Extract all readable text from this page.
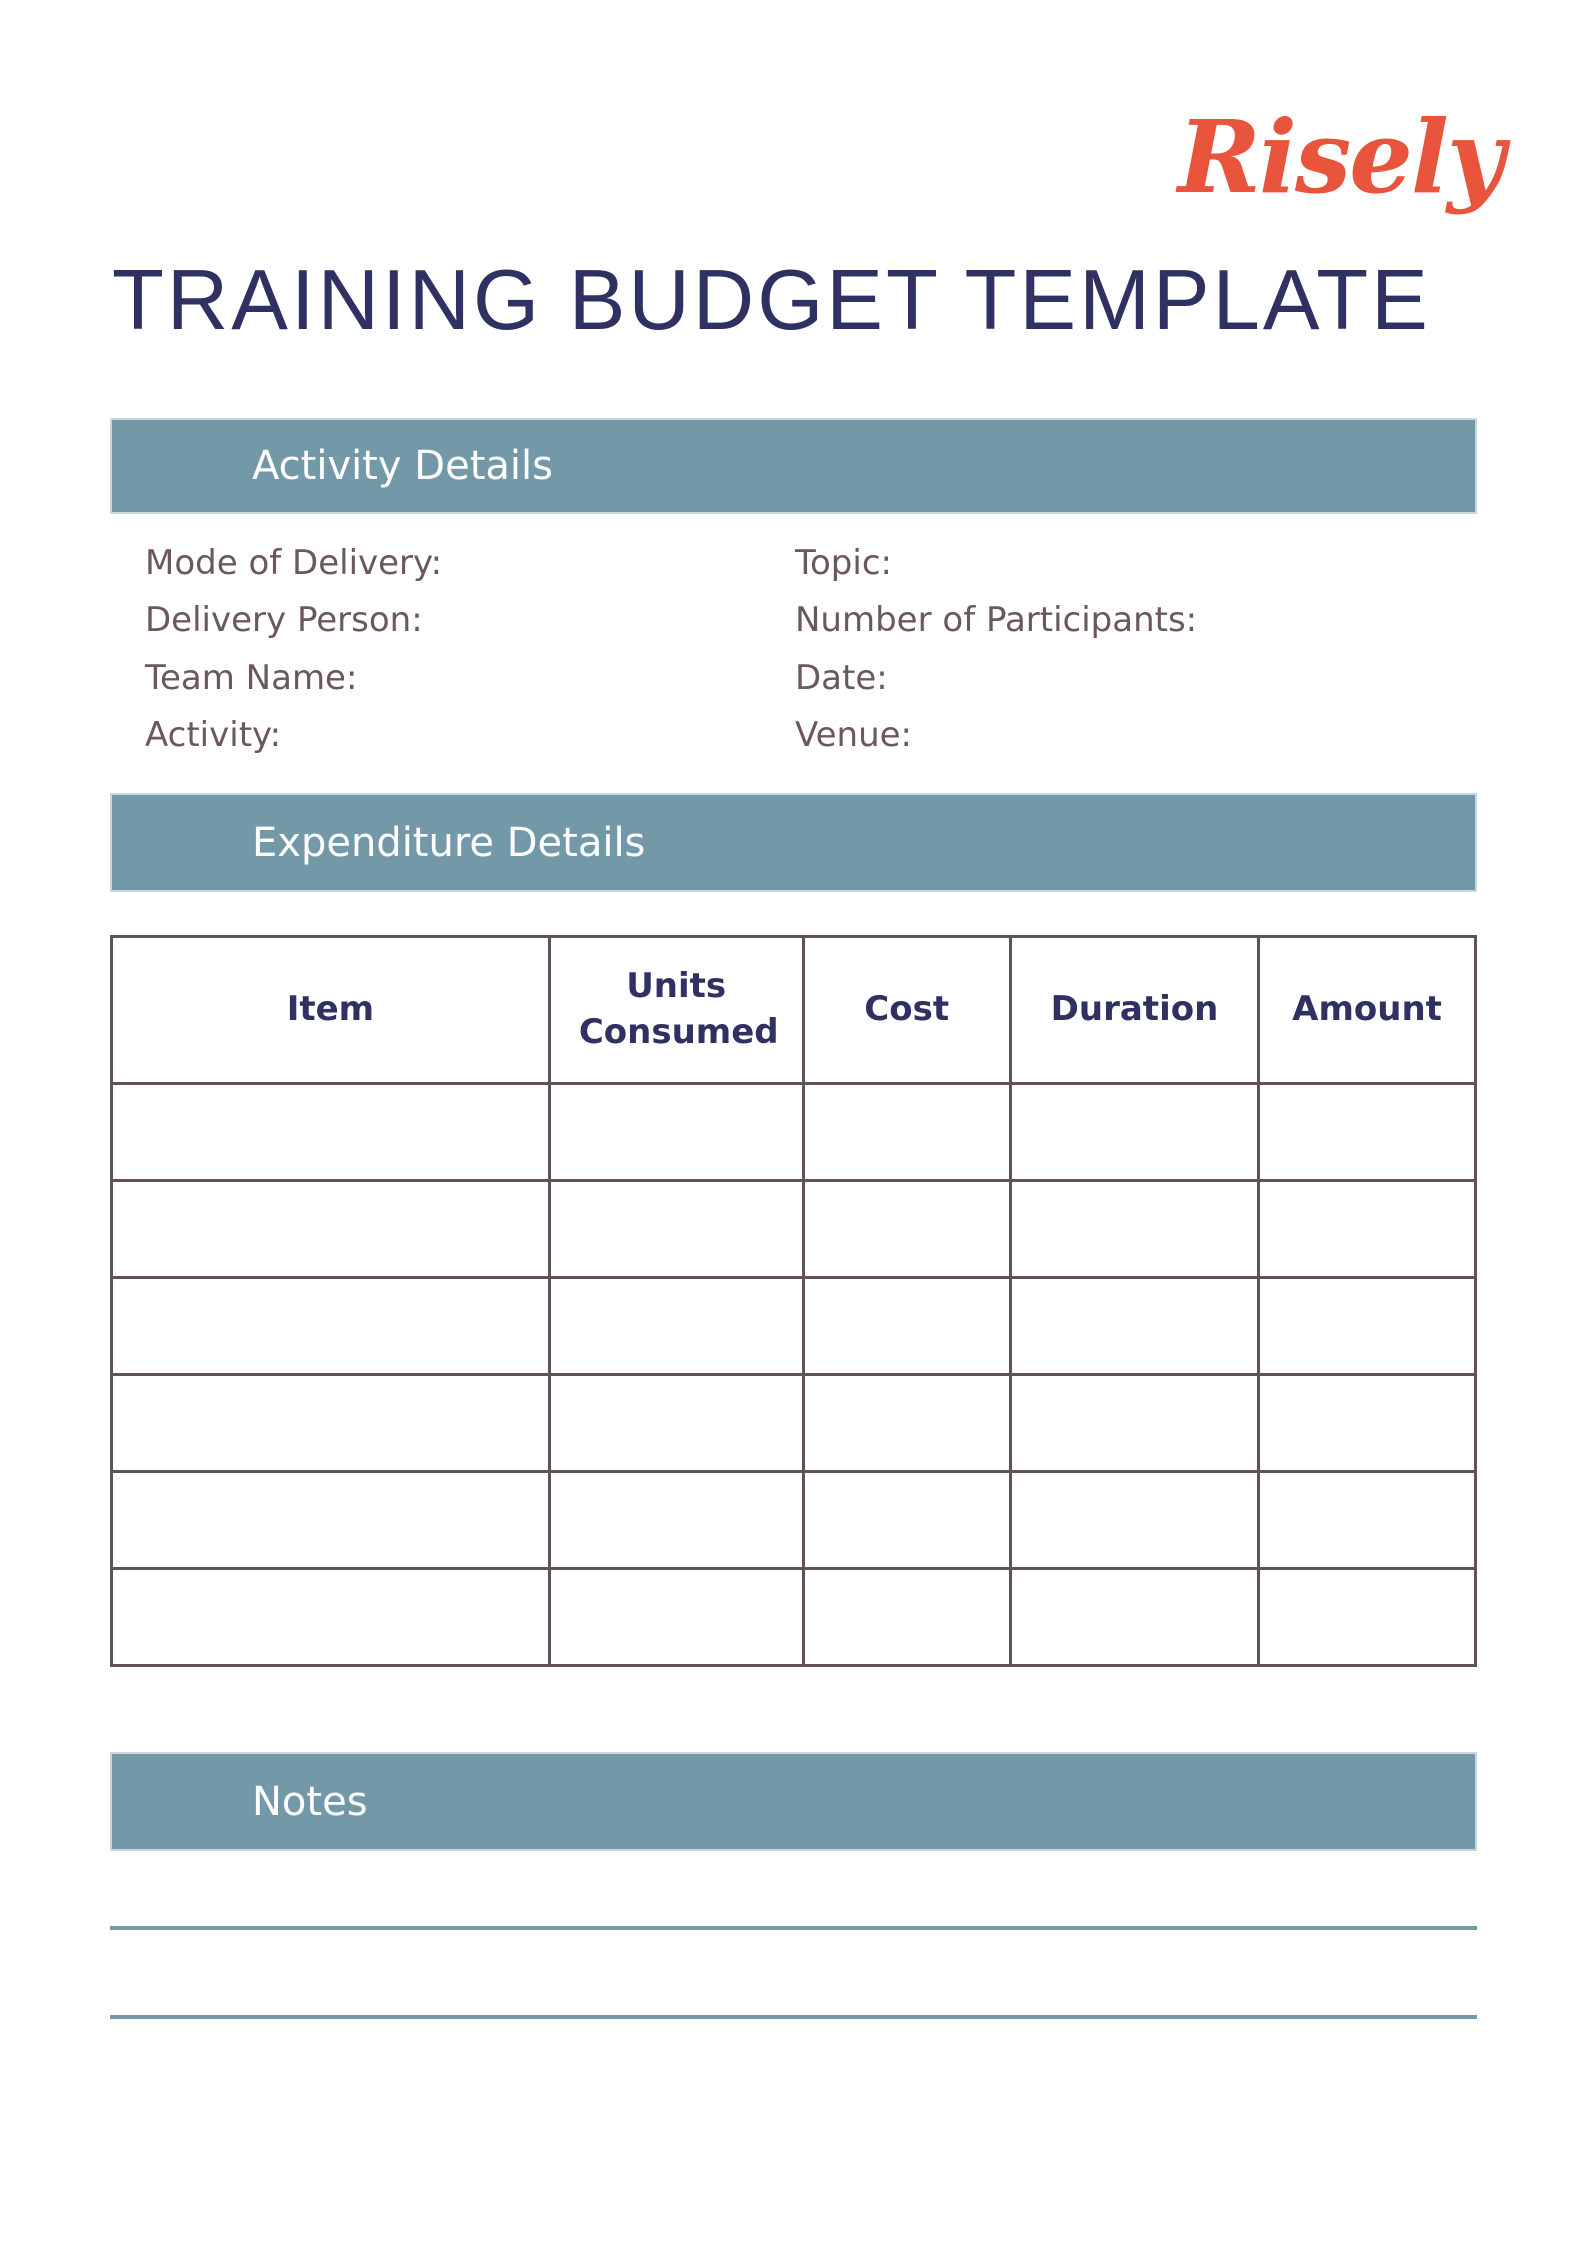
Risely
TRAINING BUDGET TEMPLATE
Activity Details
Mode of Delivery:
Delivery Person:
Team Name:
Activity:
Topic:
Number of Participants:
Date:
Venue:
Expenditure Details
Item	Units Consumed	Cost	Duration	Amount

Notes
